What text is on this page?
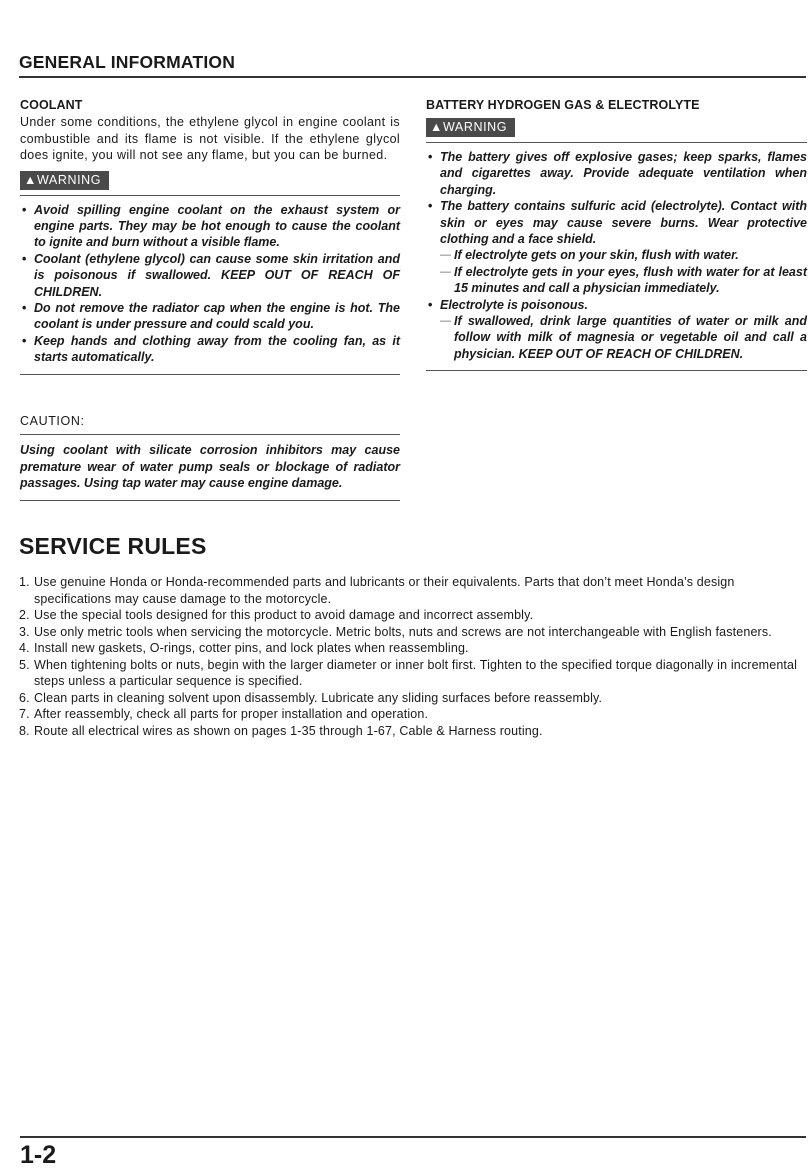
GENERAL INFORMATION
COOLANT

Under some conditions, the ethylene glycol in engine coolant is combustible and its flame is not visible. If the ethylene glycol does ignite, you will not see any flame, but you can be burned.

▲WARNING
• Avoid spilling engine coolant on the exhaust system or engine parts. They may be hot enough to cause the coolant to ignite and burn without a visible flame.
• Coolant (ethylene glycol) can cause some skin irritation and is poisonous if swallowed. KEEP OUT OF REACH OF CHILDREN.
• Do not remove the radiator cap when the engine is hot. The coolant is under pressure and could scald you.
• Keep hands and clothing away from the cooling fan, as it starts automatically.
BATTERY HYDROGEN GAS & ELECTROLYTE
▲WARNING
• The battery gives off explosive gases; keep sparks, flames and cigarettes away. Provide adequate ventilation when charging.
• The battery contains sulfuric acid (electrolyte). Contact with skin or eyes may cause severe burns. Wear protective clothing and a face shield.
— If electrolyte gets on your skin, flush with water.
— If electrolyte gets in your eyes, flush with water for at least 15 minutes and call a physician immediately.
• Electrolyte is poisonous.
— If swallowed, drink large quantities of water or milk and follow with milk of magnesia or vegetable oil and call a physician. KEEP OUT OF REACH OF CHILDREN.
CAUTION:

Using coolant with silicate corrosion inhibitors may cause premature wear of water pump seals or blockage of radiator passages. Using tap water may cause engine damage.

SERVICE RULES
1. Use genuine Honda or Honda-recommended parts and lubricants or their equivalents. Parts that don’t meet Honda’s design specifications may cause damage to the motorcycle.
2. Use the special tools designed for this product to avoid damage and incorrect assembly.
3. Use only metric tools when servicing the motorcycle. Metric bolts, nuts and screws are not interchangeable with English fasteners.
4. Install new gaskets, O-rings, cotter pins, and lock plates when reassembling.
5. When tightening bolts or nuts, begin with the larger diameter or inner bolt first. Tighten to the specified torque diagonally in incremental steps unless a particular sequence is specified.
6. Clean parts in cleaning solvent upon disassembly. Lubricate any sliding surfaces before reassembly.
7. After reassembly, check all parts for proper installation and operation.
8. Route all electrical wires as shown on pages 1-35 through 1-67, Cable & Harness routing.
1-2
